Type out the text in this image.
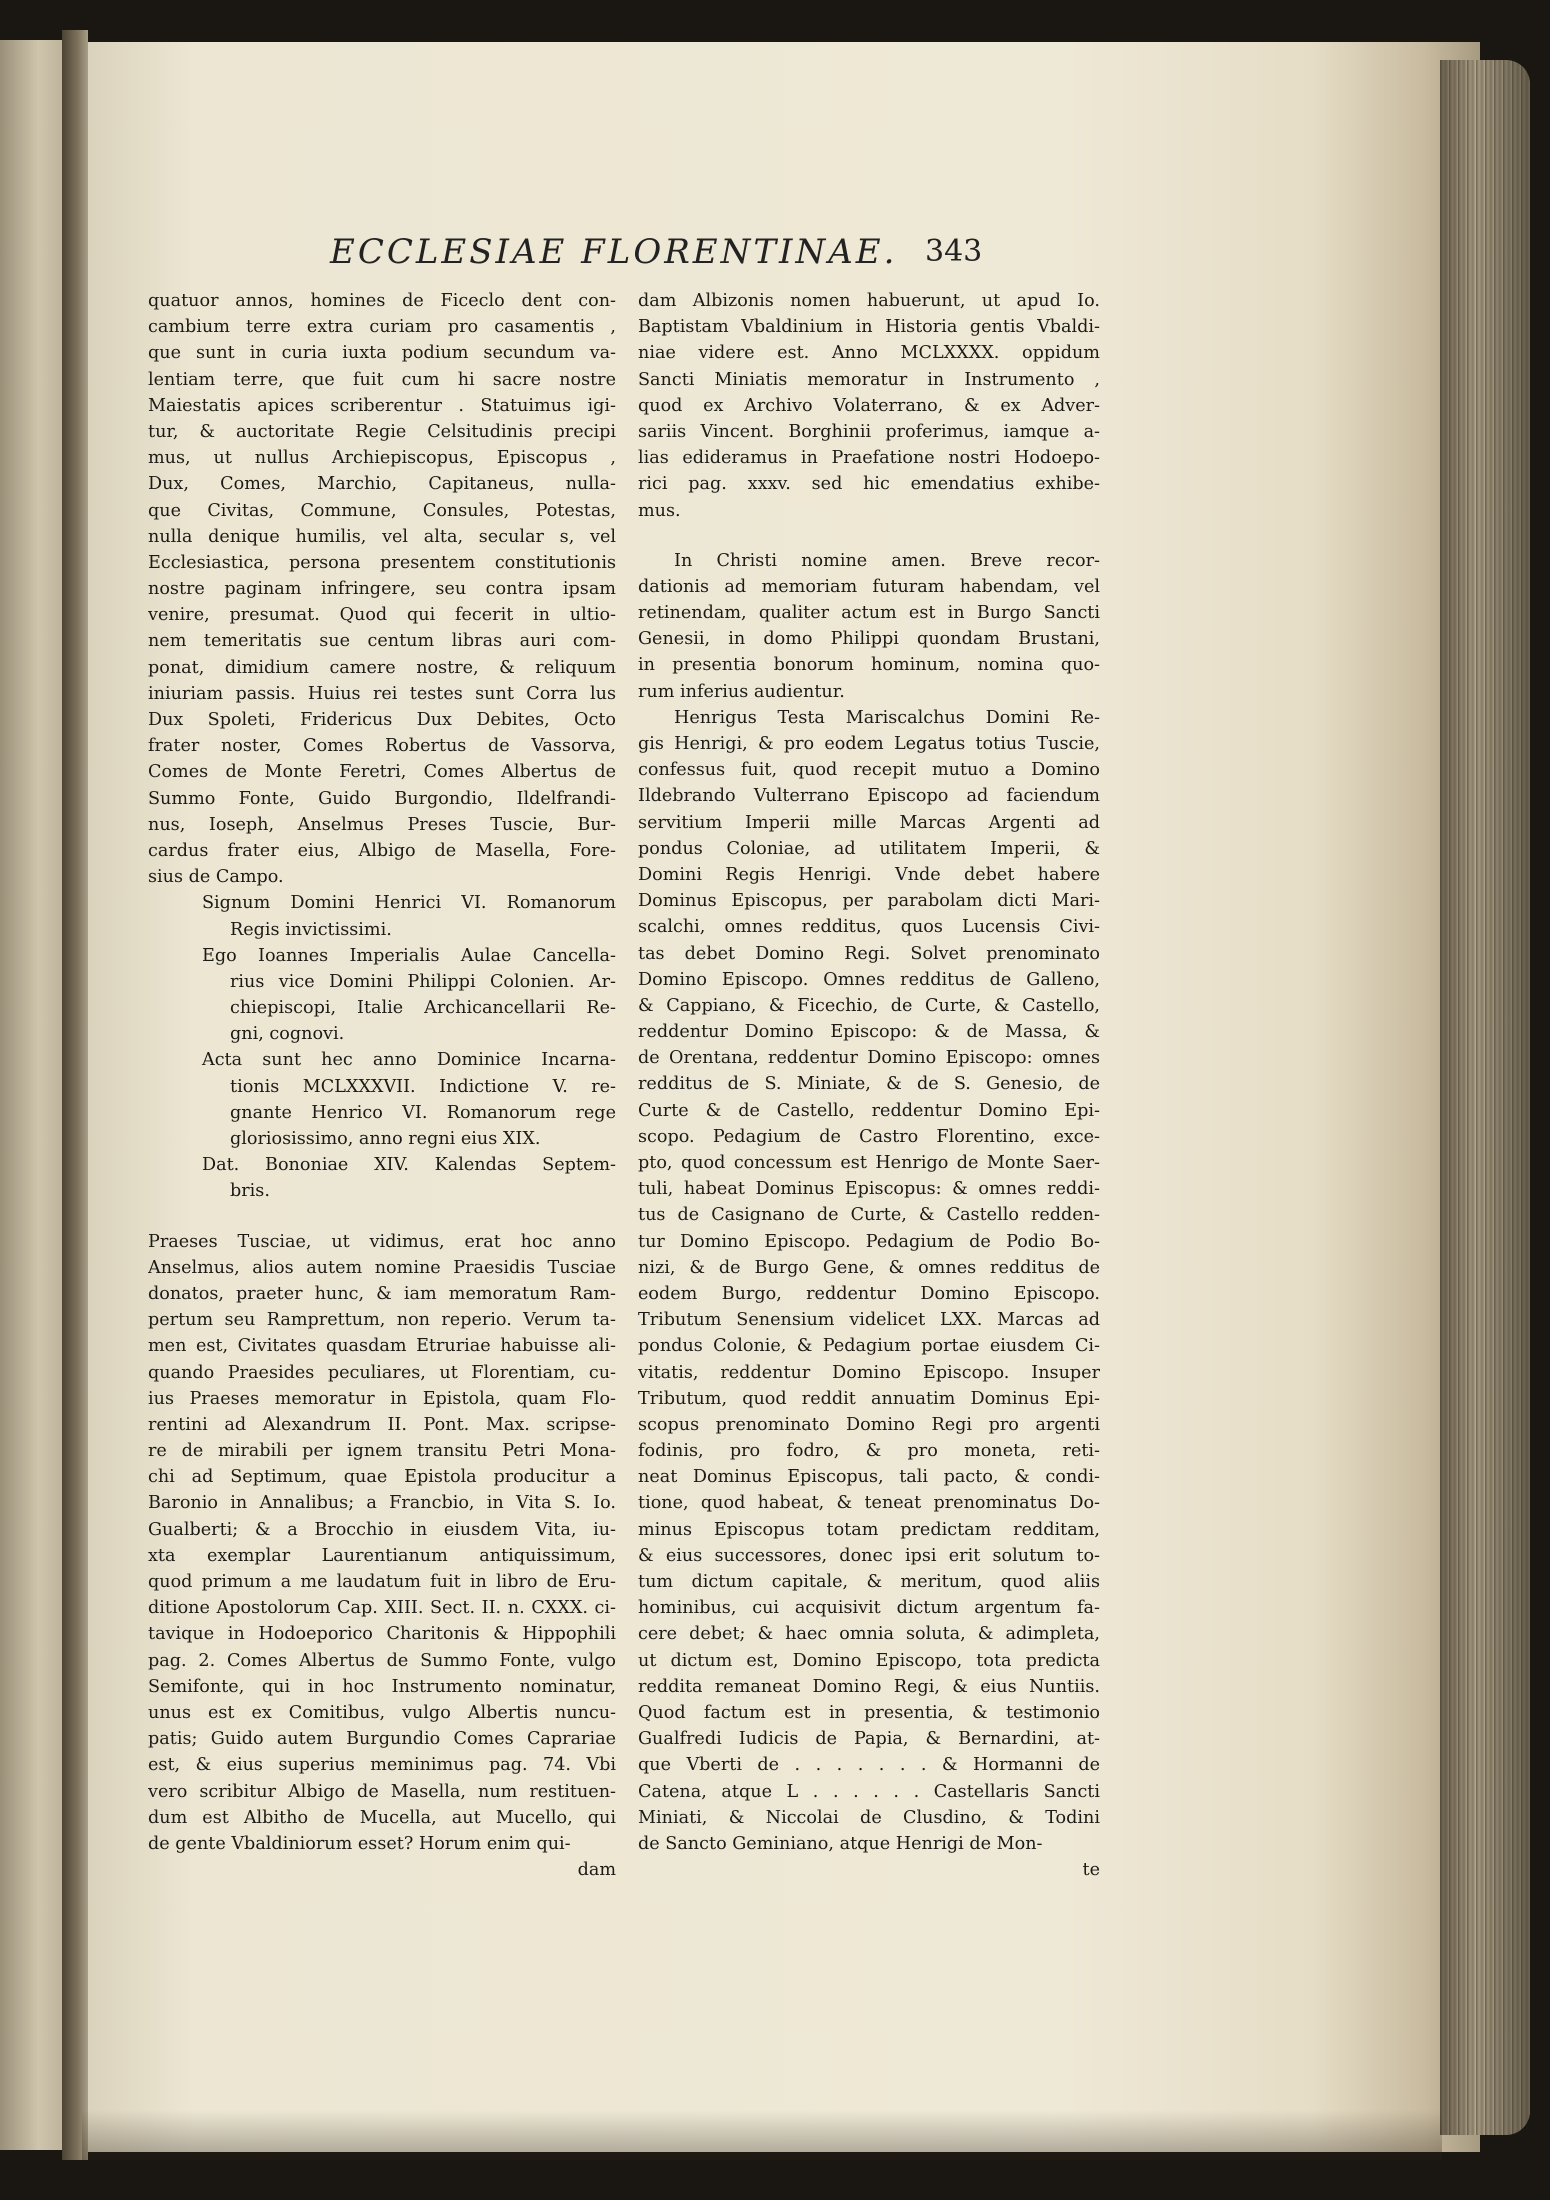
ECCLESIAE FLORENTINAE. 343
quatuor annos, homines de Ficeclo dent con-
cambium terre extra curiam pro casamentis ,
que sunt in curia iuxta podium secundum va-
lentiam terre, que fuit cum hi sacre nostre
Maiestatis apices scriberentur . Statuimus igi-
tur, & auctoritate Regie Celsitudinis precipi
mus, ut nullus Archiepiscopus, Episcopus ,
Dux, Comes, Marchio, Capitaneus, nulla-
que Civitas, Commune, Consules, Potestas,
nulla denique humilis, vel alta, secular s, vel
Ecclesiastica, persona presentem constitutionis
nostre paginam infringere, seu contra ipsam
venire, presumat. Quod qui fecerit in ultio-
nem temeritatis sue centum libras auri com-
ponat, dimidium camere nostre, & reliquum
iniuriam passis. Huius rei testes sunt Corra lus
Dux Spoleti, Fridericus Dux Debites, Octo
frater noster, Comes Robertus de Vassorva,
Comes de Monte Feretri, Comes Albertus de
Summo Fonte, Guido Burgondio, Ildelfrandi-
nus, Ioseph, Anselmus Preses Tuscie, Bur-
cardus frater eius, Albigo de Masella, Fore-
sius de Campo.
Signum Domini Henrici VI. Romanorum
Regis invictissimi.
Ego Ioannes Imperialis Aulae Cancella-
rius vice Domini Philippi Colonien. Ar-
chiepiscopi, Italie Archicancellarii Re-
gni, cognovi.
Acta sunt hec anno Dominice Incarna-
tionis MCLXXXVII. Indictione V. re-
gnante Henrico VI. Romanorum rege
gloriosissimo, anno regni eius XIX.
Dat. Bononiae XIV. Kalendas Septem-
bris.
Praeses Tusciae, ut vidimus, erat hoc anno
Anselmus, alios autem nomine Praesidis Tusciae
donatos, praeter hunc, & iam memoratum Ram-
pertum seu Ramprettum, non reperio. Verum ta-
men est, Civitates quasdam Etruriae habuisse ali-
quando Praesides peculiares, ut Florentiam, cu-
ius Praeses memoratur in Epistola, quam Flo-
rentini ad Alexandrum II. Pont. Max. scripse-
re de mirabili per ignem transitu Petri Mona-
chi ad Septimum, quae Epistola producitur a
Baronio in Annalibus; a Francbio, in Vita S. Io.
Gualberti; & a Brocchio in eiusdem Vita, iu-
xta exemplar Laurentianum antiquissimum,
quod primum a me laudatum fuit in libro de Eru-
ditione Apostolorum Cap. XIII. Sect. II. n. CXXX. ci-
tavique in Hodoeporico Charitonis & Hippophili
pag. 2. Comes Albertus de Summo Fonte, vulgo
Semifonte, qui in hoc Instrumento nominatur,
unus est ex Comitibus, vulgo Albertis nuncu-
patis; Guido autem Burgundio Comes Caprariae
est, & eius superius meminimus pag. 74. Vbi
vero scribitur Albigo de Masella, num restituen-
dum est Albitho de Mucella, aut Mucello, qui
de gente Vbaldiniorum esset? Horum enim qui-
dam
dam Albizonis nomen habuerunt, ut apud Io.
Baptistam Vbaldinium in Historia gentis Vbaldi-
niae videre est. Anno MCLXXXX. oppidum
Sancti Miniatis memoratur in Instrumento ,
quod ex Archivo Volaterrano, & ex Adver-
sariis Vincent. Borghinii proferimus, iamque a-
lias edideramus in Praefatione nostri Hodoepo-
rici pag. xxxv. sed hic emendatius exhibe-
mus.
In Christi nomine amen. Breve recor-
dationis ad memoriam futuram habendam, vel
retinendam, qualiter actum est in Burgo Sancti
Genesii, in domo Philippi quondam Brustani,
in presentia bonorum hominum, nomina quo-
rum inferius audientur.
Henrigus Testa Mariscalchus Domini Re-
gis Henrigi, & pro eodem Legatus totius Tuscie,
confessus fuit, quod recepit mutuo a Domino
Ildebrando Vulterrano Episcopo ad faciendum
servitium Imperii mille Marcas Argenti ad
pondus Coloniae, ad utilitatem Imperii, &
Domini Regis Henrigi. Vnde debet habere
Dominus Episcopus, per parabolam dicti Mari-
scalchi, omnes redditus, quos Lucensis Civi-
tas debet Domino Regi. Solvet prenominato
Domino Episcopo. Omnes redditus de Galleno,
& Cappiano, & Ficechio, de Curte, & Castello,
reddentur Domino Episcopo: & de Massa, &
de Orentana, reddentur Domino Episcopo: omnes
redditus de S. Miniate, & de S. Genesio, de
Curte & de Castello, reddentur Domino Epi-
scopo. Pedagium de Castro Florentino, exce-
pto, quod concessum est Henrigo de Monte Saer-
tuli, habeat Dominus Episcopus: & omnes reddi-
tus de Casignano de Curte, & Castello redden-
tur Domino Episcopo. Pedagium de Podio Bo-
nizi, & de Burgo Gene, & omnes redditus de
eodem Burgo, reddentur Domino Episcopo.
Tributum Senensium videlicet LXX. Marcas ad
pondus Colonie, & Pedagium portae eiusdem Ci-
vitatis, reddentur Domino Episcopo. Insuper
Tributum, quod reddit annuatim Dominus Epi-
scopus prenominato Domino Regi pro argenti
fodinis, pro fodro, & pro moneta, reti-
neat Dominus Episcopus, tali pacto, & condi-
tione, quod habeat, & teneat prenominatus Do-
minus Episcopus totam predictam redditam,
& eius successores, donec ipsi erit solutum to-
tum dictum capitale, & meritum, quod aliis
hominibus, cui acquisivit dictum argentum fa-
cere debet; & haec omnia soluta, & adimpleta,
ut dictum est, Domino Episcopo, tota predicta
reddita remaneat Domino Regi, & eius Nuntiis.
Quod factum est in presentia, & testimonio
Gualfredi Iudicis de Papia, & Bernardini, at-
que Vberti de . . . . . . . & Hormanni de
Catena, atque L . . . . . . Castellaris Sancti
Miniati, & Niccolai de Clusdino, & Todini
de Sancto Geminiano, atque Henrigi de Mon-
te
